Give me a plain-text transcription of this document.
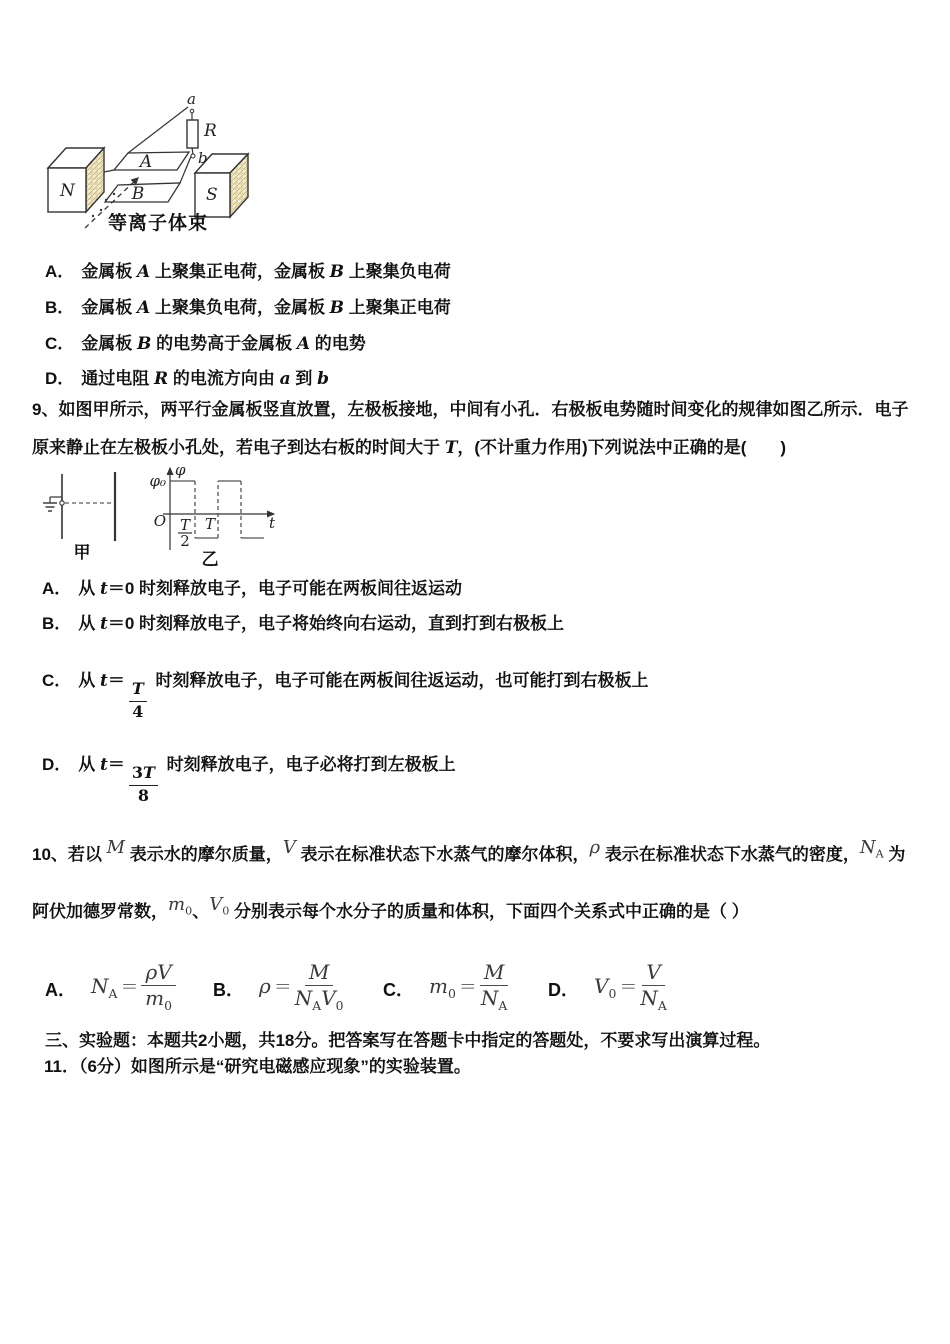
N	S
A
B
a
R
b
等离子体束
A． 金属板 A 上聚集正电荷，金属板 B 上聚集负电荷
B． 金属板 A 上聚集负电荷，金属板 B 上聚集正电荷
C． 金属板 B 的电势高于金属板 A 的电势
D． 通过电阻 R 的电流方向由 a 到 b
9、如图甲所示，两平行金属板竖直放置，左极板接地，中间有小孔．右极板电势随时间变化的规律如图乙所示．电子
原来静止在左极板小孔处，若电子到达右板的时间大于 T，(不计重力作用)下列说法中正确的是(　　)
甲
φ
φ₀
O	t
T
2
T
乙
A． 从 t＝0 时刻释放电子，电子可能在两板间往返运动
B． 从 t＝0 时刻释放电子，电子将始终向右运动，直到打到右极板上
C． 从 t＝
$\frac{T}{4}$
时刻释放电子，电子可能在两板间往返运动，也可能打到右极板上
D． 从 t＝
$\frac{3T}{8}$
时刻释放电子，电子必将打到左极板上
10、若以 M 表示水的摩尔质量，V 表示在标准状态下水蒸气的摩尔体积，ρ 表示在标准状态下水蒸气的密度，$N_A$ 为
阿伏加德罗常数，$m_0$、$V_0$ 分别表示每个水分子的质量和体积，下面四个关系式中正确的是（ ）
A． $N_A = \frac{\rho V}{m_0}$ B． $\rho = \frac{M}{N_AV_0}$ C． $m_0 = \frac{M}{N_A}$ D． $V_0 = \frac{V}{N_A}$
三、实验题：本题共2小题，共18分。把答案写在答题卡中指定的答题处，不要求写出演算过程。
11．（6分）如图所示是“研究电磁感应现象”的实验装置。
